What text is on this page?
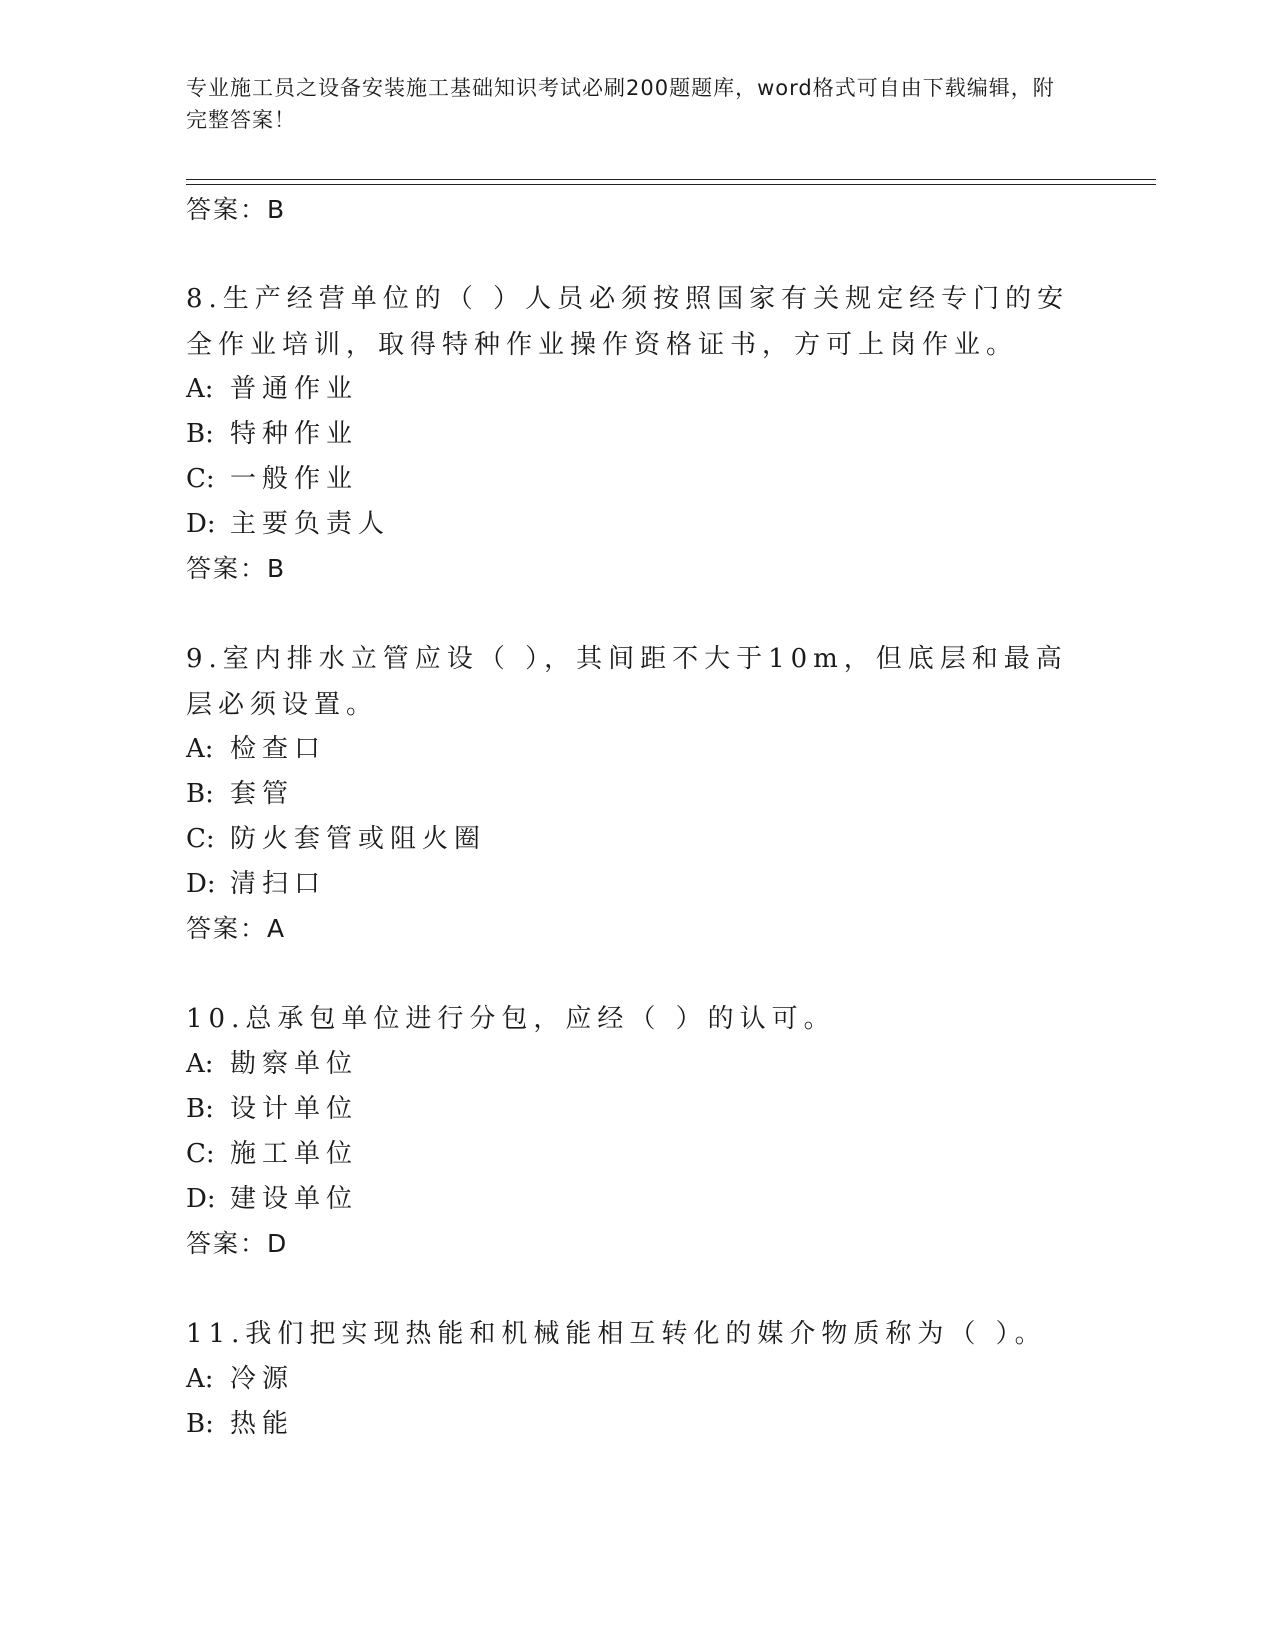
专业施工员之设备安装施工基础知识考试必刷200题题库，word格式可自由下载编辑，附完整答案！
答案：B
8.生产经营单位的（ ）人员必须按照国家有关规定经专门的安全作业培训，取得特种作业操作资格证书，方可上岗作业。
A: 普通作业
B: 特种作业
C: 一般作业
D: 主要负责人
答案：B
9.室内排水立管应设（ ），其间距不大于10m，但底层和最高层必须设置。
A: 检查口
B: 套管
C: 防火套管或阻火圈
D: 清扫口
答案：A
10.总承包单位进行分包，应经（ ）的认可。
A: 勘察单位
B: 设计单位
C: 施工单位
D: 建设单位
答案：D
11.我们把实现热能和机械能相互转化的媒介物质称为（ ）。
A: 冷源
B: 热能
